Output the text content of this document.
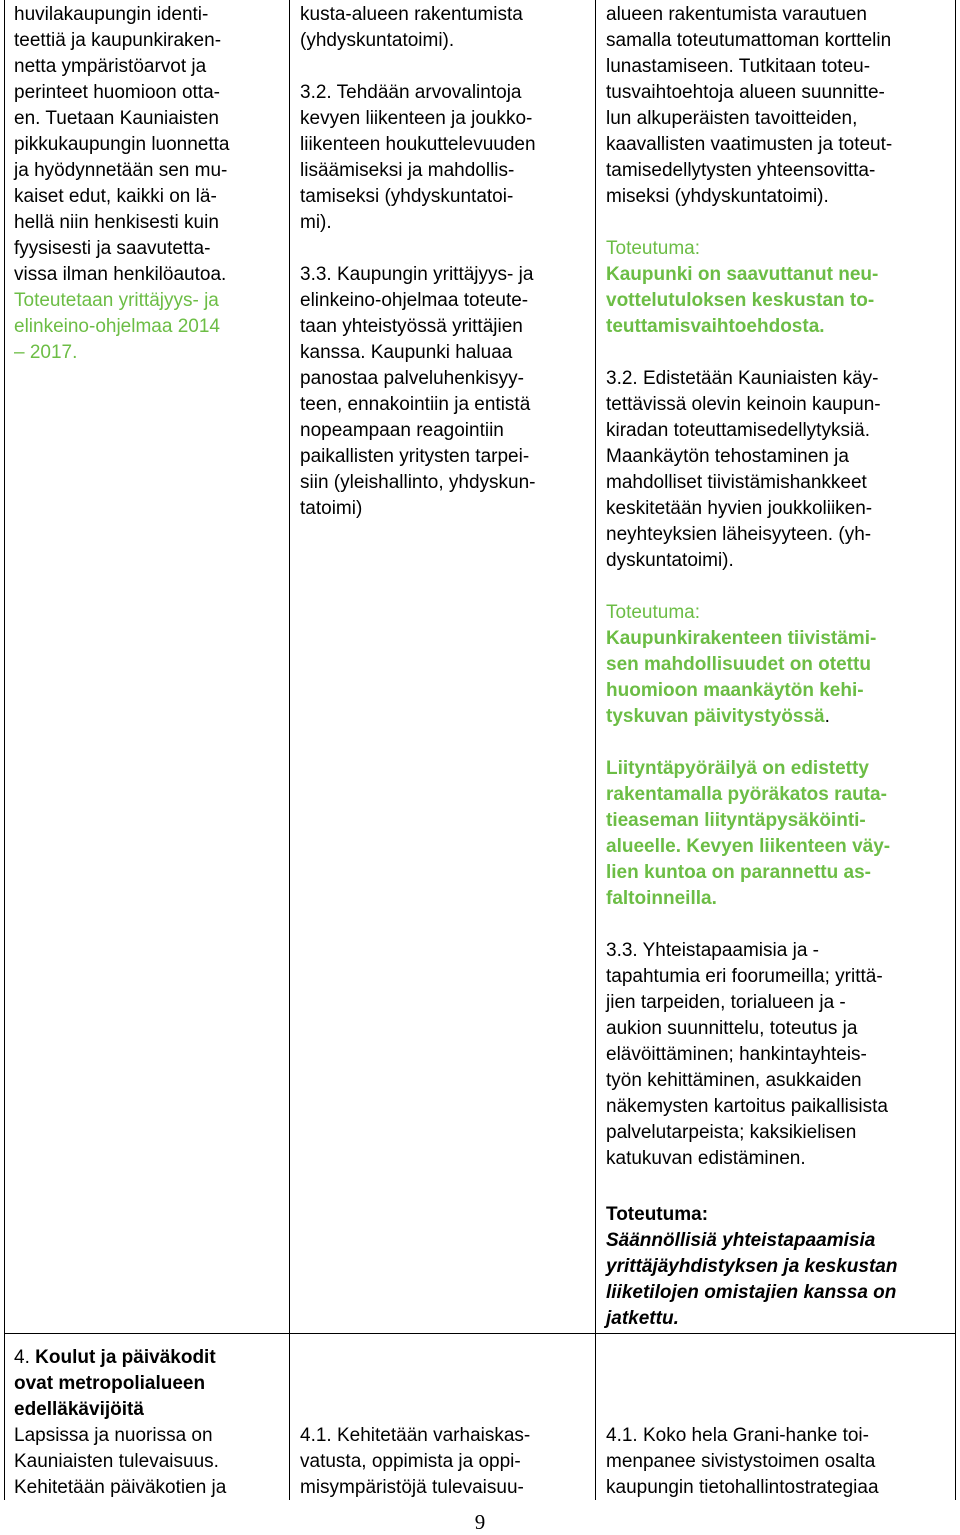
huvilakaupungin identi-
teettiä ja kaupunkiraken-
netta ympäristöarvot ja
perinteet huomioon otta-
en. Tuetaan Kauniaisten
pikkukaupungin luonnetta
ja hyödynnetään sen mu-
kaiset edut, kaikki on lä-
hellä niin henkisesti kuin
fyysisesti ja saavutetta-
vissa ilman henkilöautoa.
Toteutetaan yrittäjyys- ja
elinkeino-ohjelmaa 2014
– 2017.

kusta-alueen rakentumista
(yhdyskuntatoimi).

3.2. Tehdään arvovalintoja
kevyen liikenteen ja joukko-
liikenteen houkuttelevuuden
lisäämiseksi ja mahdollis-
tamiseksi (yhdyskuntatoi-
mi).

3.3. Kaupungin yrittäjyys- ja
elinkeino-ohjelmaa toteute-
taan yhteistyössä yrittäjien
kanssa. Kaupunki haluaa
panostaa palveluhenkisyy-
teen, ennakointiin ja entistä
nopeampaan reagointiin
paikallisten yritysten tarpei-
siin (yleishallinto, yhdyskun-
tatoimi)

alueen rakentumista varautuen
samalla toteutumattoman korttelin
lunastamiseen. Tutkitaan toteu-
tusvaihtoehtoja alueen suunnitte-
lun alkuperäisten tavoitteiden,
kaavallisten vaatimusten ja toteut-
tamisedellytysten yhteensovitta-
miseksi (yhdyskuntatoimi).

Toteutuma:

Kaupunki on saavuttanut neu-
vottelutuloksen keskustan to-
teuttamisvaihtoehdosta.

3.2. Edistetään Kauniaisten käy-
tettävissä olevin keinoin kaupun-
kiradan toteuttamisedellytyksiä.
Maankäytön tehostaminen ja
mahdolliset tiivistämishankkeet
keskitetään hyvien joukkoliiken-
neyhteyksien läheisyyteen. (yh-
dyskuntatoimi).

Toteutuma:

Kaupunkirakenteen tiivistämi-
sen mahdollisuudet on otettu
huomioon maankäytön kehi-
tyskuvan päivitystyössä.

Liityntäpyöräilyä on edistetty
rakentamalla pyöräkatos rauta-
tieaseman liityntäpysäköinti-
alueelle. Kevyen liikenteen väy-
lien kuntoa on parannettu as-
faltoinneilla.

3.3. Yhteistapaamisia ja -
tapahtumia eri foorumeilla; yrittä-
jien tarpeiden, torialueen ja -
aukion suunnittelu, toteutus ja
elävöittäminen; hankintayhteis-
työn kehittäminen, asukkaiden
näkemysten kartoitus paikallisista
palvelutarpeista; kaksikielisen
katukuvan edistäminen.

Toteutuma:

Säännöllisiä yhteistapaamisia
yrittäjäyhdistyksen ja keskustan
liiketilojen omistajien kanssa on
jatkettu.

4. Koulut ja päiväkodit
ovat metropolialueen
edelläkävijöitä

Lapsissa ja nuorissa on
Kauniaisten tulevaisuus.
Kehitetään päiväkotien ja

4.1. Kehitetään varhaiskas-
vatusta, oppimista ja oppi-
misympäristöjä tulevaisuu-

4.1. Koko hela Grani-hanke toi-
menpanee sivistystoimen osalta
kaupungin tietohallintostrategiaa

9
